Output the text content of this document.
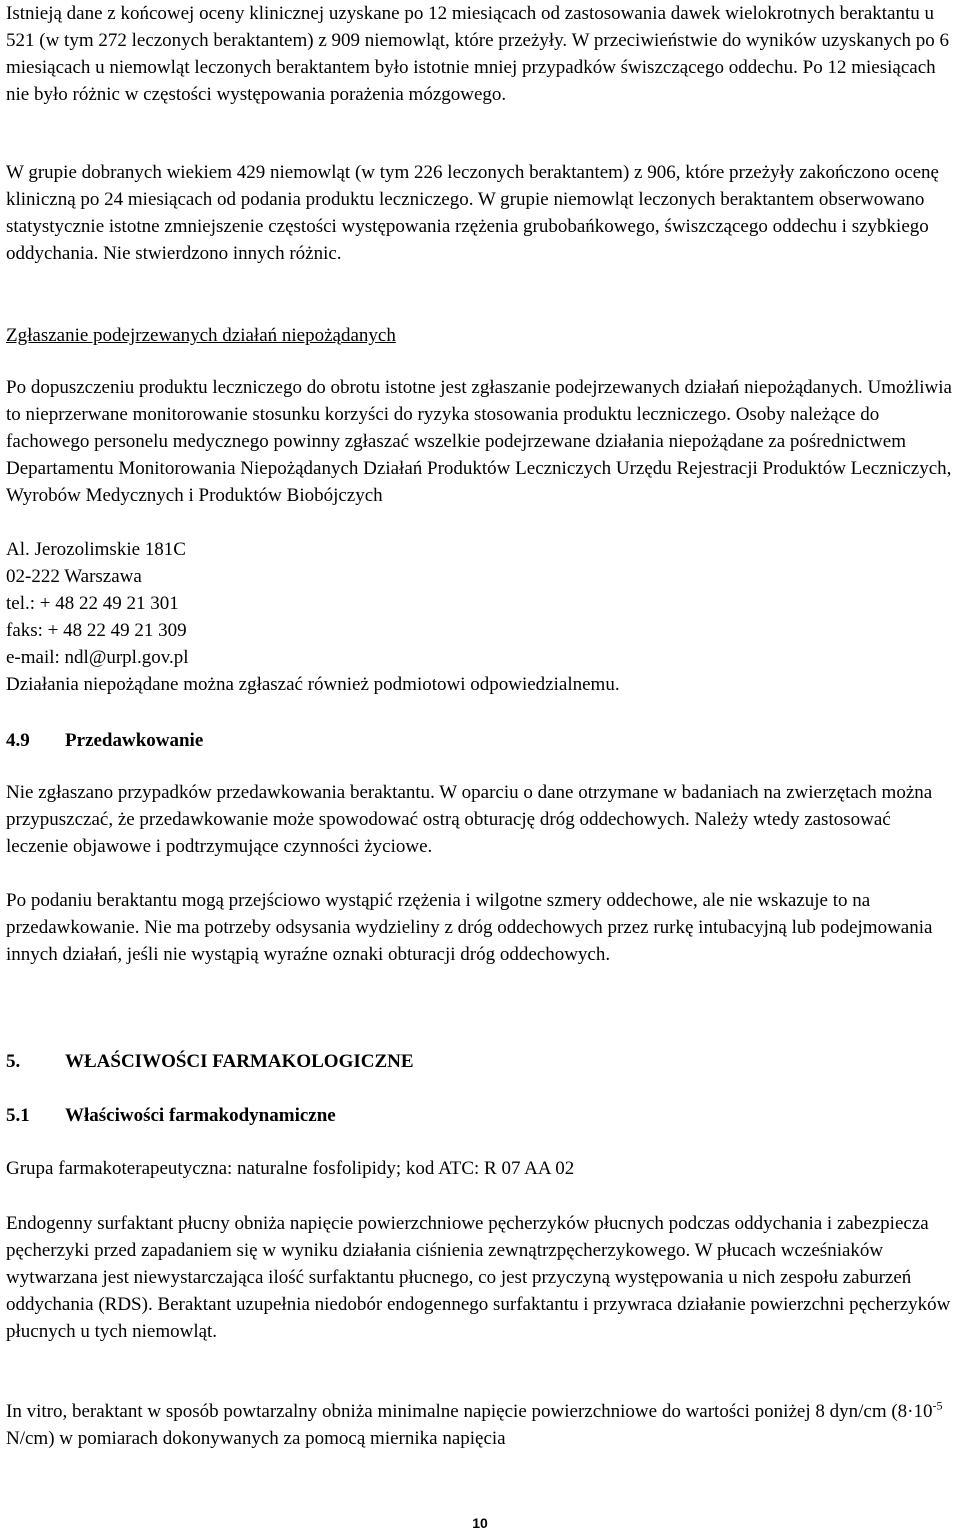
Istnieją dane z końcowej oceny klinicznej uzyskane po 12 miesiącach od zastosowania dawek wielokrotnych beraktantu u 521 (w tym 272 leczonych beraktantem) z 909 niemowląt, które przeżyły. W przeciwieństwie do wyników uzyskanych po 6 miesiącach u niemowląt leczonych beraktantem było istotnie mniej przypadków świszczącego oddechu. Po 12 miesiącach nie było różnic w częstości występowania porażenia mózgowego.

W grupie dobranych wiekiem 429 niemowląt (w tym 226 leczonych beraktantem) z 906, które przeżyły zakończono ocenę kliniczną po 24 miesiącach od podania produktu leczniczego. W grupie niemowląt leczonych beraktantem obserwowano statystycznie istotne zmniejszenie częstości występowania rzężenia grubobańkowego, świszczącego oddechu i szybkiego oddychania. Nie stwierdzono innych różnic.

Zgłaszanie podejrzewanych działań niepożądanych

Po dopuszczeniu produktu leczniczego do obrotu istotne jest zgłaszanie podejrzewanych działań niepożądanych. Umożliwia to nieprzerwane monitorowanie stosunku korzyści do ryzyka stosowania produktu leczniczego. Osoby należące do fachowego personelu medycznego powinny zgłaszać wszelkie podejrzewane działania niepożądane za pośrednictwem Departamentu Monitorowania Niepożądanych Działań Produktów Leczniczych Urzędu Rejestracji Produktów Leczniczych, Wyrobów Medycznych i Produktów Biobójczych

Al. Jerozolimskie 181C
02-222 Warszawa
tel.: + 48 22 49 21 301
faks: + 48 22 49 21 309
e-mail: ndl@urpl.gov.pl
Działania niepożądane można zgłaszać również podmiotowi odpowiedzialnemu.
4.9 Przedawkowanie

Nie zgłaszano przypadków przedawkowania beraktantu. W oparciu o dane otrzymane w badaniach na zwierzętach można przypuszczać, że przedawkowanie może spowodować ostrą obturację dróg oddechowych. Należy wtedy zastosować leczenie objawowe i podtrzymujące czynności życiowe.

Po podaniu beraktantu mogą przejściowo wystąpić rzężenia i wilgotne szmery oddechowe, ale nie wskazuje to na przedawkowanie. Nie ma potrzeby odsysania wydzieliny z dróg oddechowych przez rurkę intubacyjną lub podejmowania innych działań, jeśli nie wystąpią wyraźne oznaki obturacji dróg oddechowych.

5. WŁAŚCIWOŚCI FARMAKOLOGICZNE
5.1 Właściwości farmakodynamiczne

Grupa farmakoterapeutyczna: naturalne fosfolipidy; kod ATC: R 07 AA 02

Endogenny surfaktant płucny obniża napięcie powierzchniowe pęcherzyków płucnych podczas oddychania i zabezpiecza pęcherzyki przed zapadaniem się w wyniku działania ciśnienia zewnątrzpęcherzykowego. W płucach wcześniaków wytwarzana jest niewystarczająca ilość surfaktantu płucnego, co jest przyczyną występowania u nich zespołu zaburzeń oddychania (RDS). Beraktant uzupełnia niedobór endogennego surfaktantu i przywraca działanie powierzchni pęcherzyków płucnych u tych niemowląt.

In vitro, beraktant w sposób powtarzalny obniża minimalne napięcie powierzchniowe do wartości poniżej 8 dyn/cm ($8\cdot 10^{-5}$ N/cm) w pomiarach dokonywanych za pomocą miernika napięcia

10
